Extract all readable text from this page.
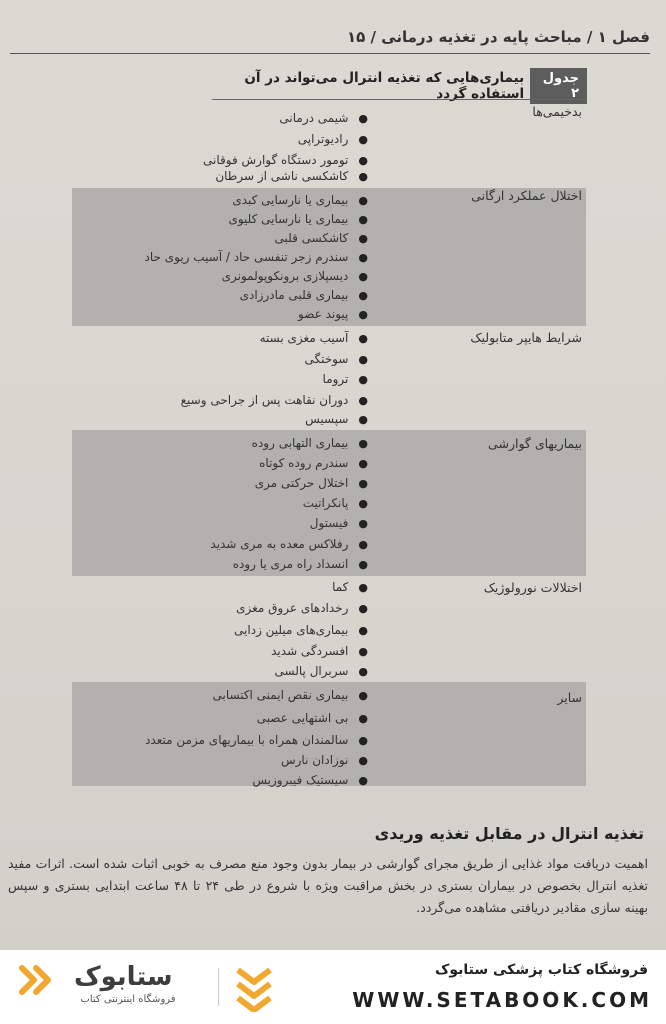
فصل ۱ / مباحث پایه در تغذیه درمانی / ۱۵
جدول ۲
بیماری‌هایی که تغذیه انترال می‌تواند در آن استفاده گردد
بدخیمی‌ها
اختلال عملکرد ارگانی
شرایط هایپر متابولیک
بیماریهای گوارشی
اختلالات نورولوژیک
سایر
●
شیمی درمانی
●
رادیوتراپی
●
تومور دستگاه گوارش فوقانی
●
کاشکسی ناشی از سرطان
●
بیماری یا نارسایی کبدی
●
بیماری یا نارسایی کلیوی
●
کاشکسی قلبی
●
سندرم زجر تنفسی حاد / آسیب ریوی حاد
●
دیسپلازی برونکوپولمونری
●
بیماری قلبی مادرزادی
●
پیوند عضو
●
آسیب مغزی بسته
●
سوختگی
●
تروما
●
دوران نقاهت پس از جراحی وسیع
●
سپسیس
●
بیماری التهابی روده
●
سندرم روده کوتاه
●
اختلال حرکتی مری
●
پانکراتیت
●
فیستول
●
رفلاکس معده به مری شدید
●
انسداد راه مری یا روده
●
کما
●
رخدادهای عروق مغزی
●
بیماری‌های میلین زدایی
●
افسردگی شدید
●
سربرال پالسی
●
بیماری نقص ایمنی اکتسابی
●
بی اشتهایی عصبی
●
سالمندان همراه با بیماریهای مزمن متعدد
●
نوزادان نارس
●
سیستیک فیبروزیس
تغذیه انترال در مقابل تغذیه وریدی
اهمیت دریافت مواد غذایی از طریق مجرای گوارشی در بیمار بدون وجود منع مصرف به خوبی اثبات شده است. اثرات مفید تغذیه انترال بخصوص در بیماران بستری در بخش مراقبت ویژه با شروع در طی ۲۴ تا ۴۸ ساعت ابتدایی بستری و سپس بهینه سازی مقادیر دریافتی مشاهده می‌گردد.
ستابوک
فروشگاه اینترنتی کتاب
فروشگاه کتاب پزشکی ستابوک
WWW.SETABOOK.COM
